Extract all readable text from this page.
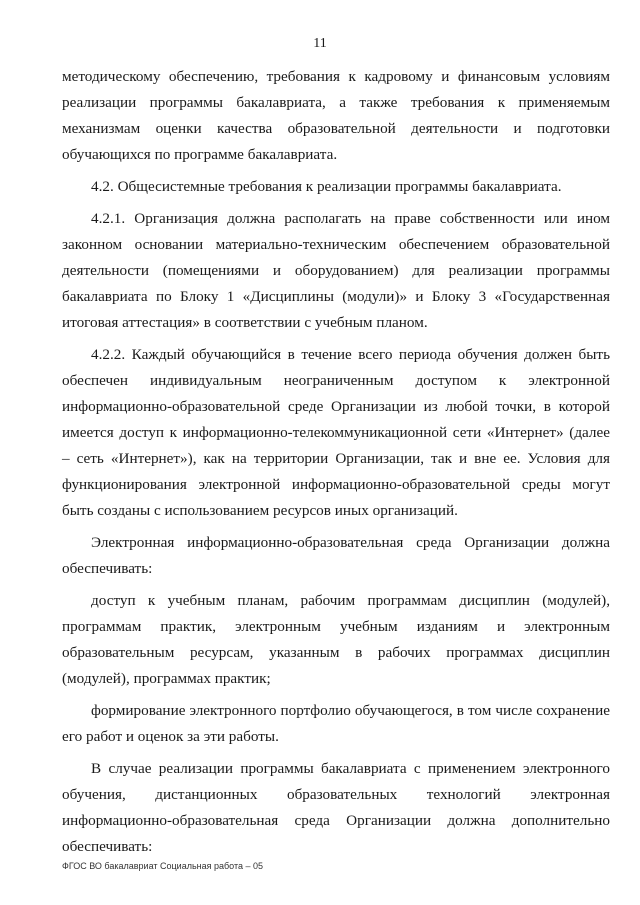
11

методическому обеспечению, требования к кадровому и финансовым условиям реализации программы бакалавриата, а также требования к применяемым механизмам оценки качества образовательной деятельности и подготовки обучающихся по программе бакалавриата.

4.2. Общесистемные требования к реализации программы бакалавриата.

4.2.1. Организация должна располагать на праве собственности или ином законном основании материально-техническим обеспечением образовательной деятельности (помещениями и оборудованием) для реализации программы бакалавриата по Блоку 1 «Дисциплины (модули)» и Блоку 3 «Государственная итоговая аттестация» в соответствии с учебным планом.

4.2.2. Каждый обучающийся в течение всего периода обучения должен быть обеспечен индивидуальным неограниченным доступом к электронной информационно-образовательной среде Организации из любой точки, в которой имеется доступ к информационно-телекоммуникационной сети «Интернет» (далее – сеть «Интернет»), как на территории Организации, так и вне ее. Условия для функционирования электронной информационно-образовательной среды могут быть созданы с использованием ресурсов иных организаций.

Электронная информационно-образовательная среда Организации должна обеспечивать:

доступ к учебным планам, рабочим программам дисциплин (модулей), программам практик, электронным учебным изданиям и электронным образовательным ресурсам, указанным в рабочих программах дисциплин (модулей), программах практик;

формирование электронного портфолио обучающегося, в том числе сохранение его работ и оценок за эти работы.

В случае реализации программы бакалавриата с применением электронного обучения, дистанционных образовательных технологий электронная информационно-образовательная среда Организации должна дополнительно обеспечивать:

ФГОС ВО бакалавриат Социальная работа – 05
